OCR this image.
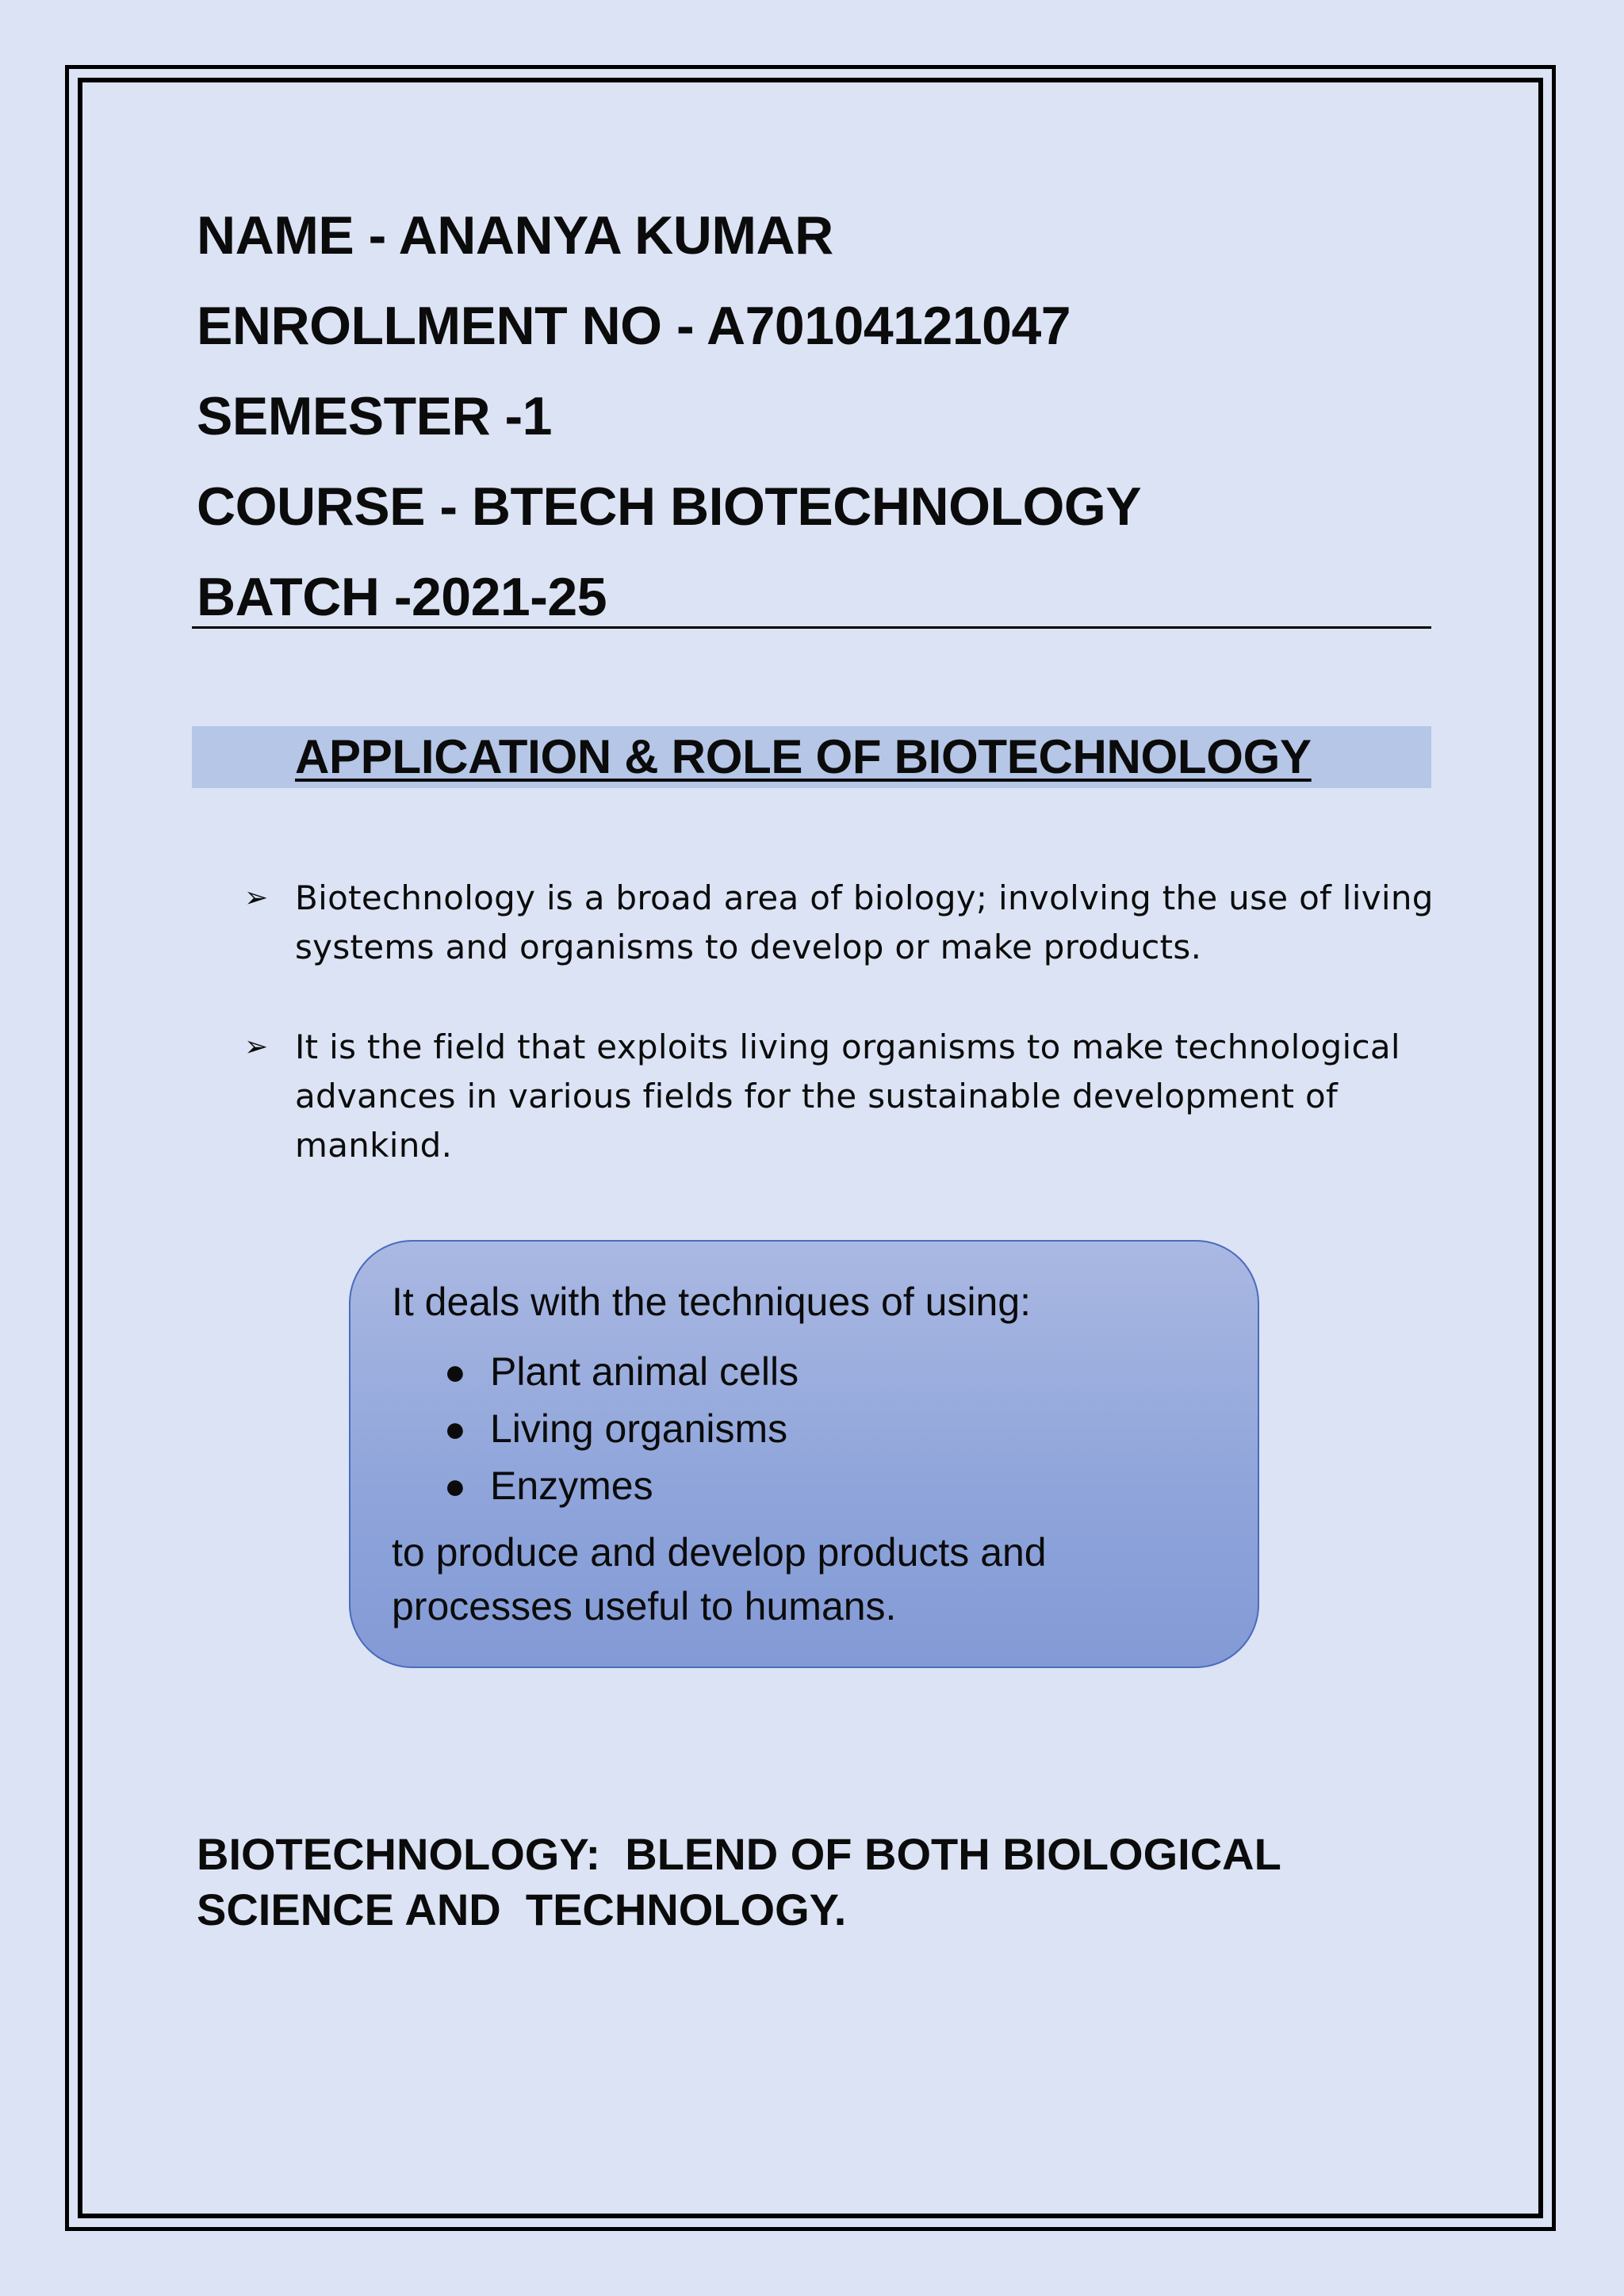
NAME - ANANYA KUMAR
ENROLLMENT NO - A70104121047
SEMESTER -1
COURSE - BTECH BIOTECHNOLOGY
BATCH -2021-25
APPLICATION & ROLE OF BIOTECHNOLOGY
➢ Biotechnology is a broad area of biology; involving the use of living systems and organisms to develop or make products.
➢ It is the field that exploits living organisms to make technological advances in various fields for the sustainable development of mankind.

It deals with the techniques of using:

● Plant animal cells
● Living organisms
● Enzymes

to produce and develop products and processes useful to humans.

BIOTECHNOLOGY:  BLEND OF BOTH BIOLOGICAL SCIENCE AND  TECHNOLOGY.
